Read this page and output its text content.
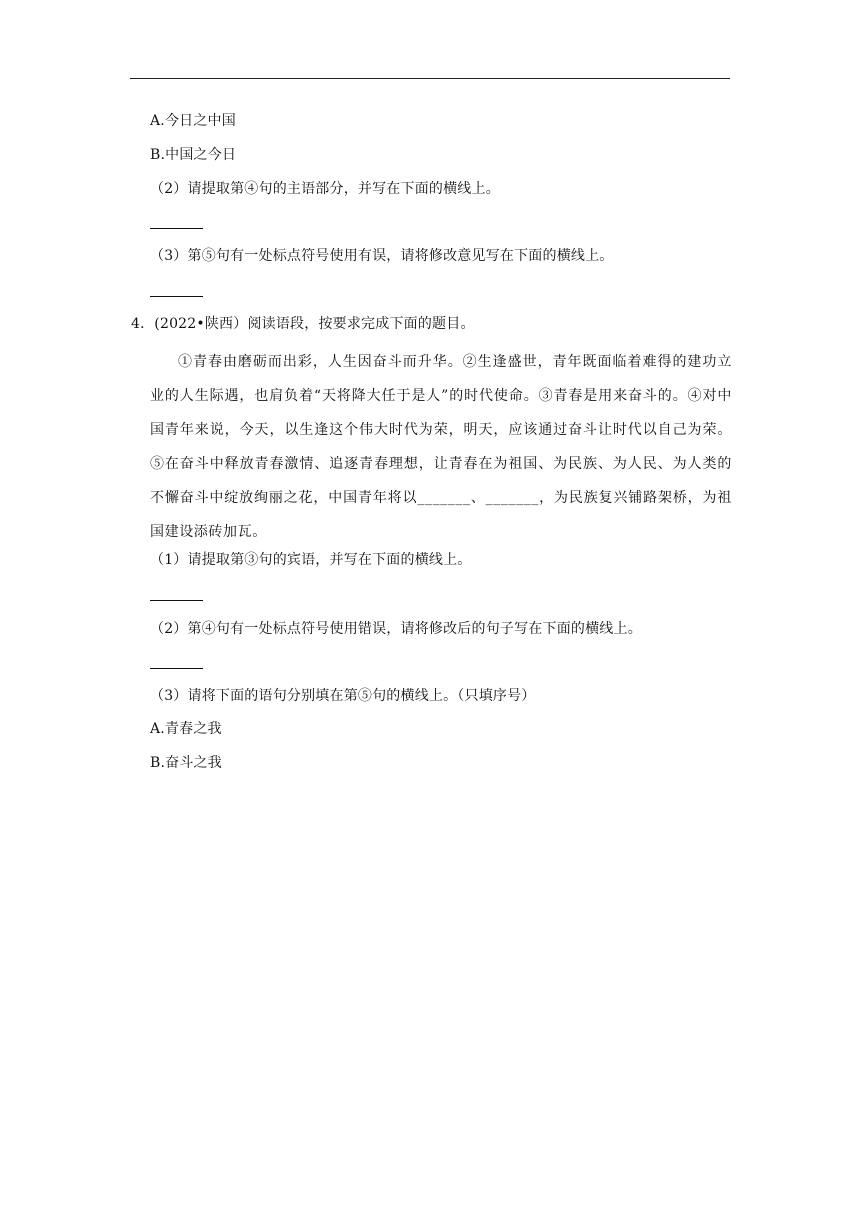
A.今日之中国
B.中国之今日
（2）请提取第④句的主语部分，并写在下面的横线上。
（3）第⑤句有一处标点符号使用有误，请将修改意见写在下面的横线上。
4．(2022•陕西）阅读语段，按要求完成下面的题目。
①青春由磨砺而出彩，人生因奋斗而升华。②生逢盛世，青年既面临着难得的建功立业的人生际遇，也肩负着“天将降大任于是人”的时代使命。③青春是用来奋斗的。④对中国青年来说，今天，以生逢这个伟大时代为荣，明天，应该通过奋斗让时代以自己为荣。⑤在奋斗中释放青春激情、追逐青春理想，让青春在为祖国、为民族、为人民、为人类的不懈奋斗中绽放绚丽之花，中国青年将以_______、_______，为民族复兴铺路架桥，为祖国建设添砖加瓦。
（1）请提取第③句的宾语，并写在下面的横线上。
（2）第④句有一处标点符号使用错误，请将修改后的句子写在下面的横线上。
（3）请将下面的语句分别填在第⑤句的横线上。（只填序号）
A.青春之我
B.奋斗之我
